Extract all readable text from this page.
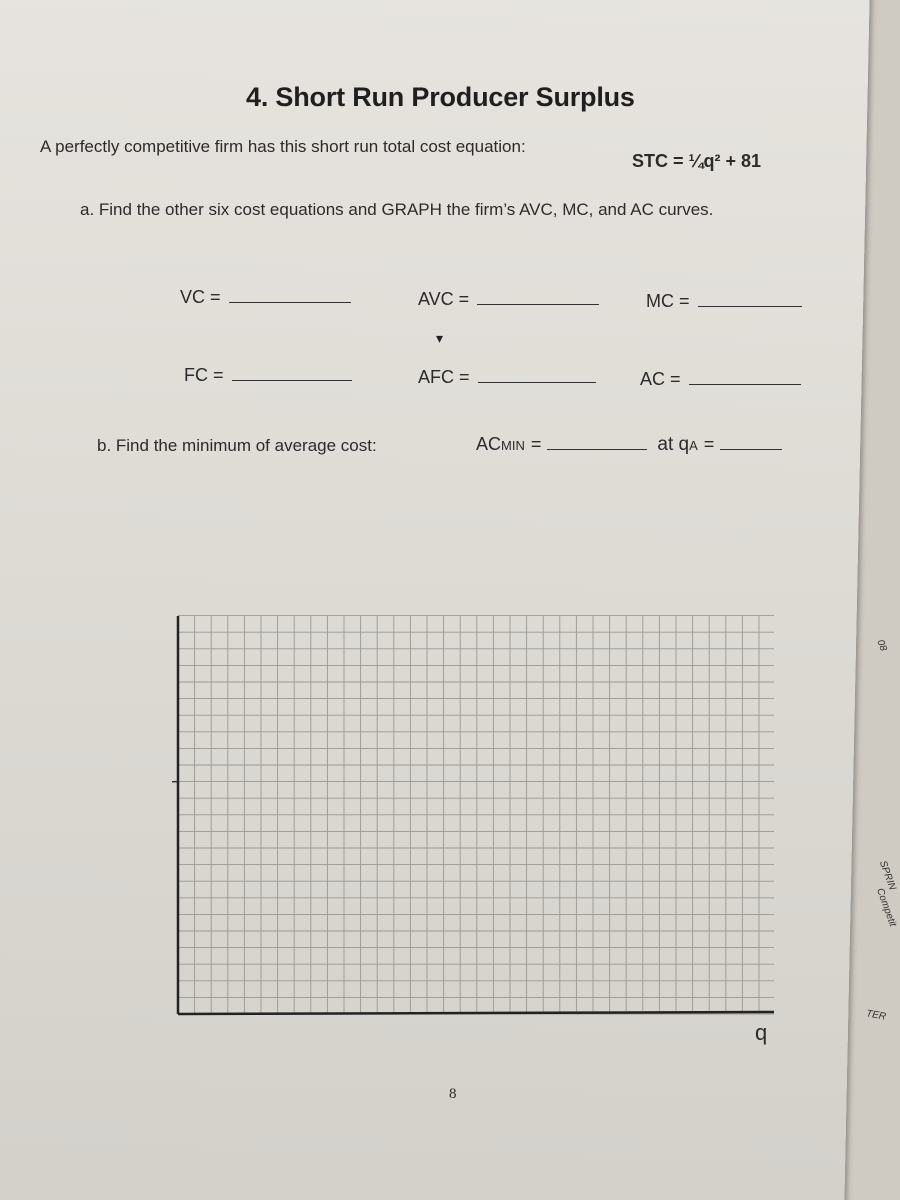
08
SPRIN
Competit
TER
4. Short Run Producer Surplus
A perfectly competitive firm has this short run total cost equation:
STC = ¼q² + 81
a. Find the other six cost equations and GRAPH the firm’s AVC, MC, and AC curves.
VC =	AVC =	MC =
▾
FC =	AFC =	AC =
b. Find the minimum of average cost:	ACMIN =	at qA =
q
8
